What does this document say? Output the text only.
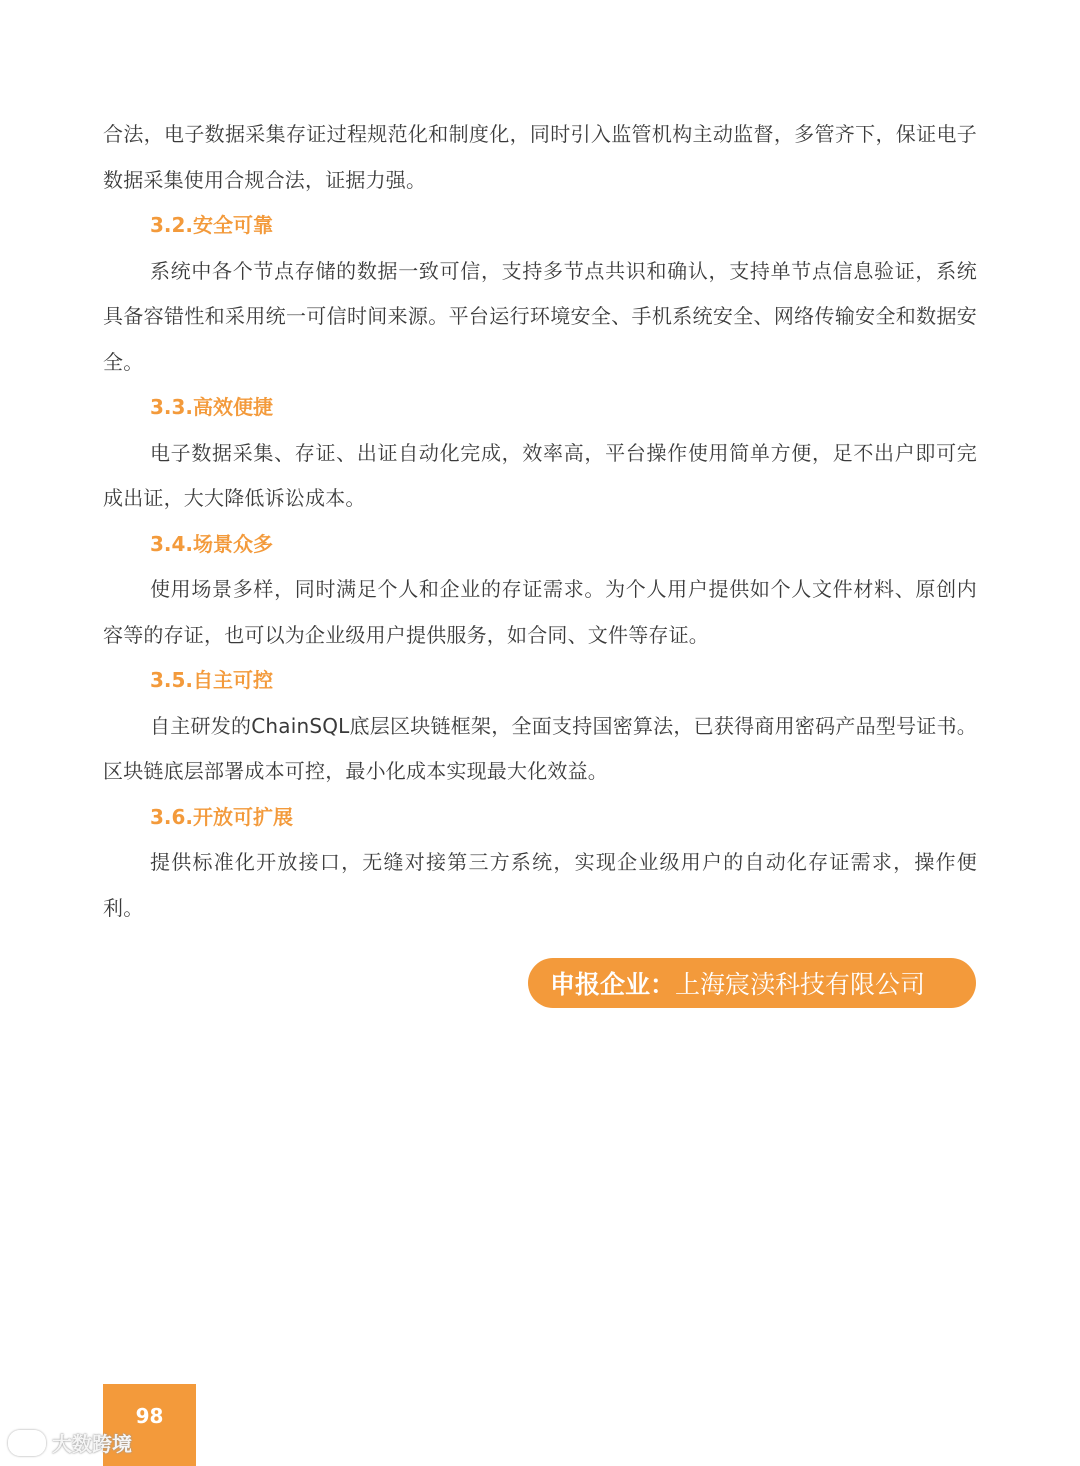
合法，电子数据采集存证过程规范化和制度化，同时引入监管机构主动监督，多管齐下，保证电子数据采集使用合规合法，证据力强。

3.2.安全可靠

系统中各个节点存储的数据一致可信，支持多节点共识和确认，支持单节点信息验证，系统具备容错性和采用统一可信时间来源。平台运行环境安全、手机系统安全、网络传输安全和数据安全。

3.3.高效便捷

电子数据采集、存证、出证自动化完成，效率高，平台操作使用简单方便，足不出户即可完成出证，大大降低诉讼成本。

3.4.场景众多

使用场景多样，同时满足个人和企业的存证需求。为个人用户提供如个人文件材料、原创内容等的存证，也可以为企业级用户提供服务，如合同、文件等存证。

3.5.自主可控

自主研发的ChainSQL底层区块链框架，全面支持国密算法，已获得商用密码产品型号证书。区块链底层部署成本可控，最小化成本实现最大化效益。

3.6.开放可扩展

提供标准化开放接口，无缝对接第三方系统，实现企业级用户的自动化存证需求，操作便利。

申报企业： 上海宸渎科技有限公司
98
大数跨境
